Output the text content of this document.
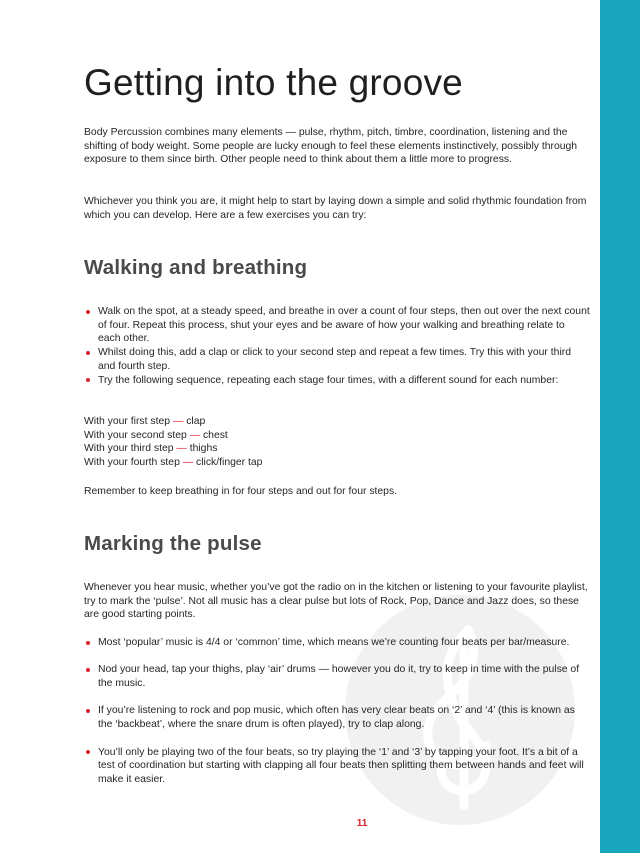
Getting into the groove

Body Percussion combines many elements — pulse, rhythm, pitch, timbre, coordination, listening and the shifting of body weight. Some people are lucky enough to feel these elements instinctively, possibly through exposure to them since birth. Other people need to think about them a little more to progress.

Whichever you think you are, it might help to start by laying down a simple and solid rhythmic foundation from which you can develop. Here are a few exercises you can try:

Walking and breathing
Walk on the spot, at a steady speed, and breathe in over a count of four steps, then out over the next count of four. Repeat this process, shut your eyes and be aware of how your walking and breathing relate to each other.
Whilst doing this, add a clap or click to your second step and repeat a few times. Try this with your third and fourth step.
Try the following sequence, repeating each stage four times, with a different sound for each number:
With your first step — clap
With your second step — chest
With your third step — thighs
With your fourth step — click/finger tap

Remember to keep breathing in for four steps and out for four steps.

Marking the pulse

Whenever you hear music, whether you’ve got the radio on in the kitchen or listening to your favourite playlist, try to mark the ‘pulse’. Not all music has a clear pulse but lots of Rock, Pop, Dance and Jazz does, so these are good starting points.

Most ‘popular’ music is 4/4 or ‘common’ time, which means we’re counting four beats per bar/measure.
Nod your head, tap your thighs, play ‘air’ drums — however you do it, try to keep in time with the pulse of the music.
If you’re listening to rock and pop music, which often has very clear beats on ‘2’ and ‘4’ (this is known as the ‘backbeat’, where the snare drum is often played), try to clap along.
You’ll only be playing two of the four beats, so try playing the ‘1’ and ‘3’ by tapping your foot. It’s a bit of a test of coordination but starting with clapping all four beats then splitting them between hands and feet will make it easier.
11
